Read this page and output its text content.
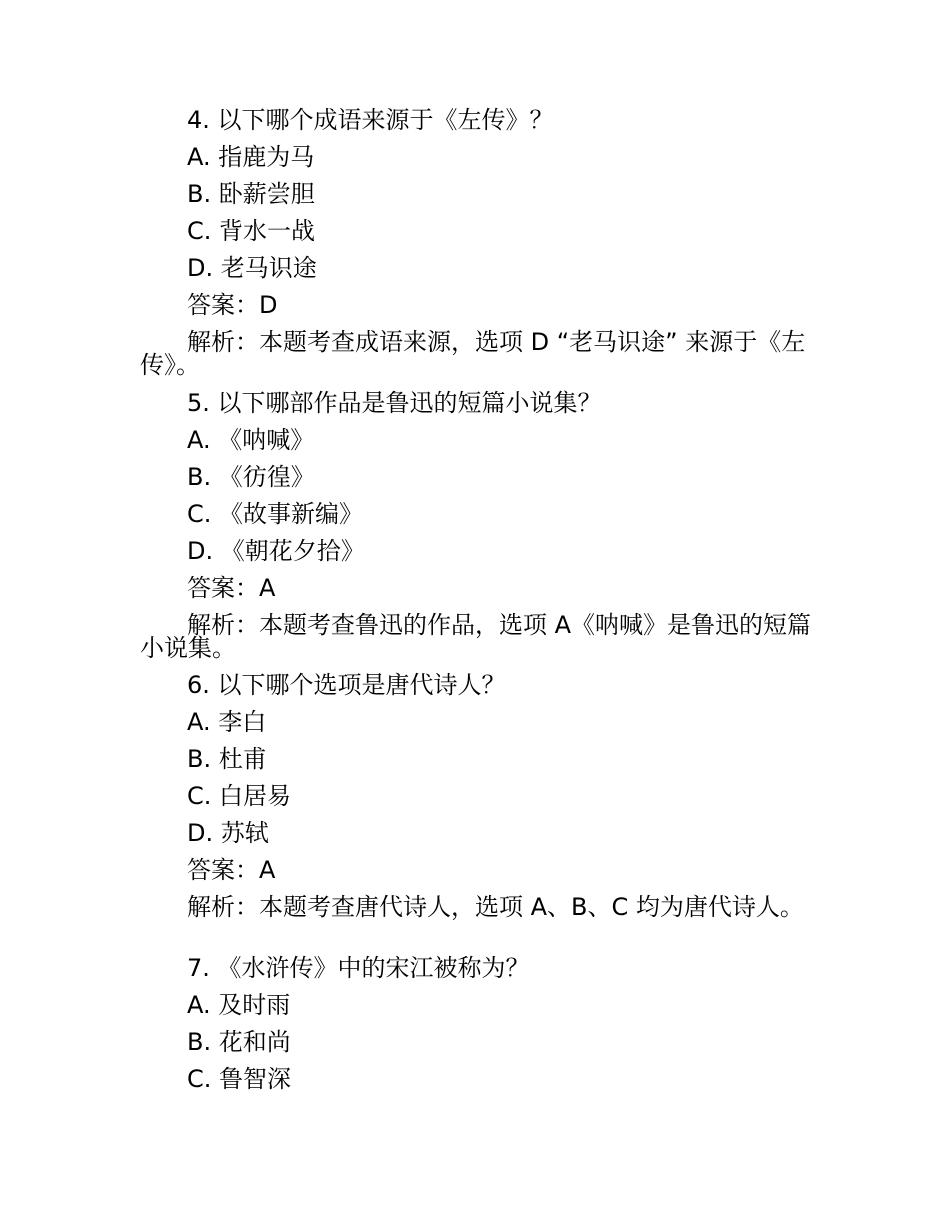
4. 以下哪个成语来源于《左传》？
A. 指鹿为马
B. 卧薪尝胆
C. 背水一战
D. 老马识途
答案：D
解析：本题考查成语来源，选项 D “老马识途” 来源于《左传》。
5. 以下哪部作品是鲁迅的短篇小说集？
A. 《呐喊》
B. 《彷徨》
C. 《故事新编》
D. 《朝花夕拾》
答案：A
解析：本题考查鲁迅的作品，选项 A《呐喊》是鲁迅的短篇小说集。
6. 以下哪个选项是唐代诗人？
A. 李白
B. 杜甫
C. 白居易
D. 苏轼
答案：A
解析：本题考查唐代诗人，选项 A、B、C 均为唐代诗人。
7. 《水浒传》中的宋江被称为？
A. 及时雨
B. 花和尚
C. 鲁智深
